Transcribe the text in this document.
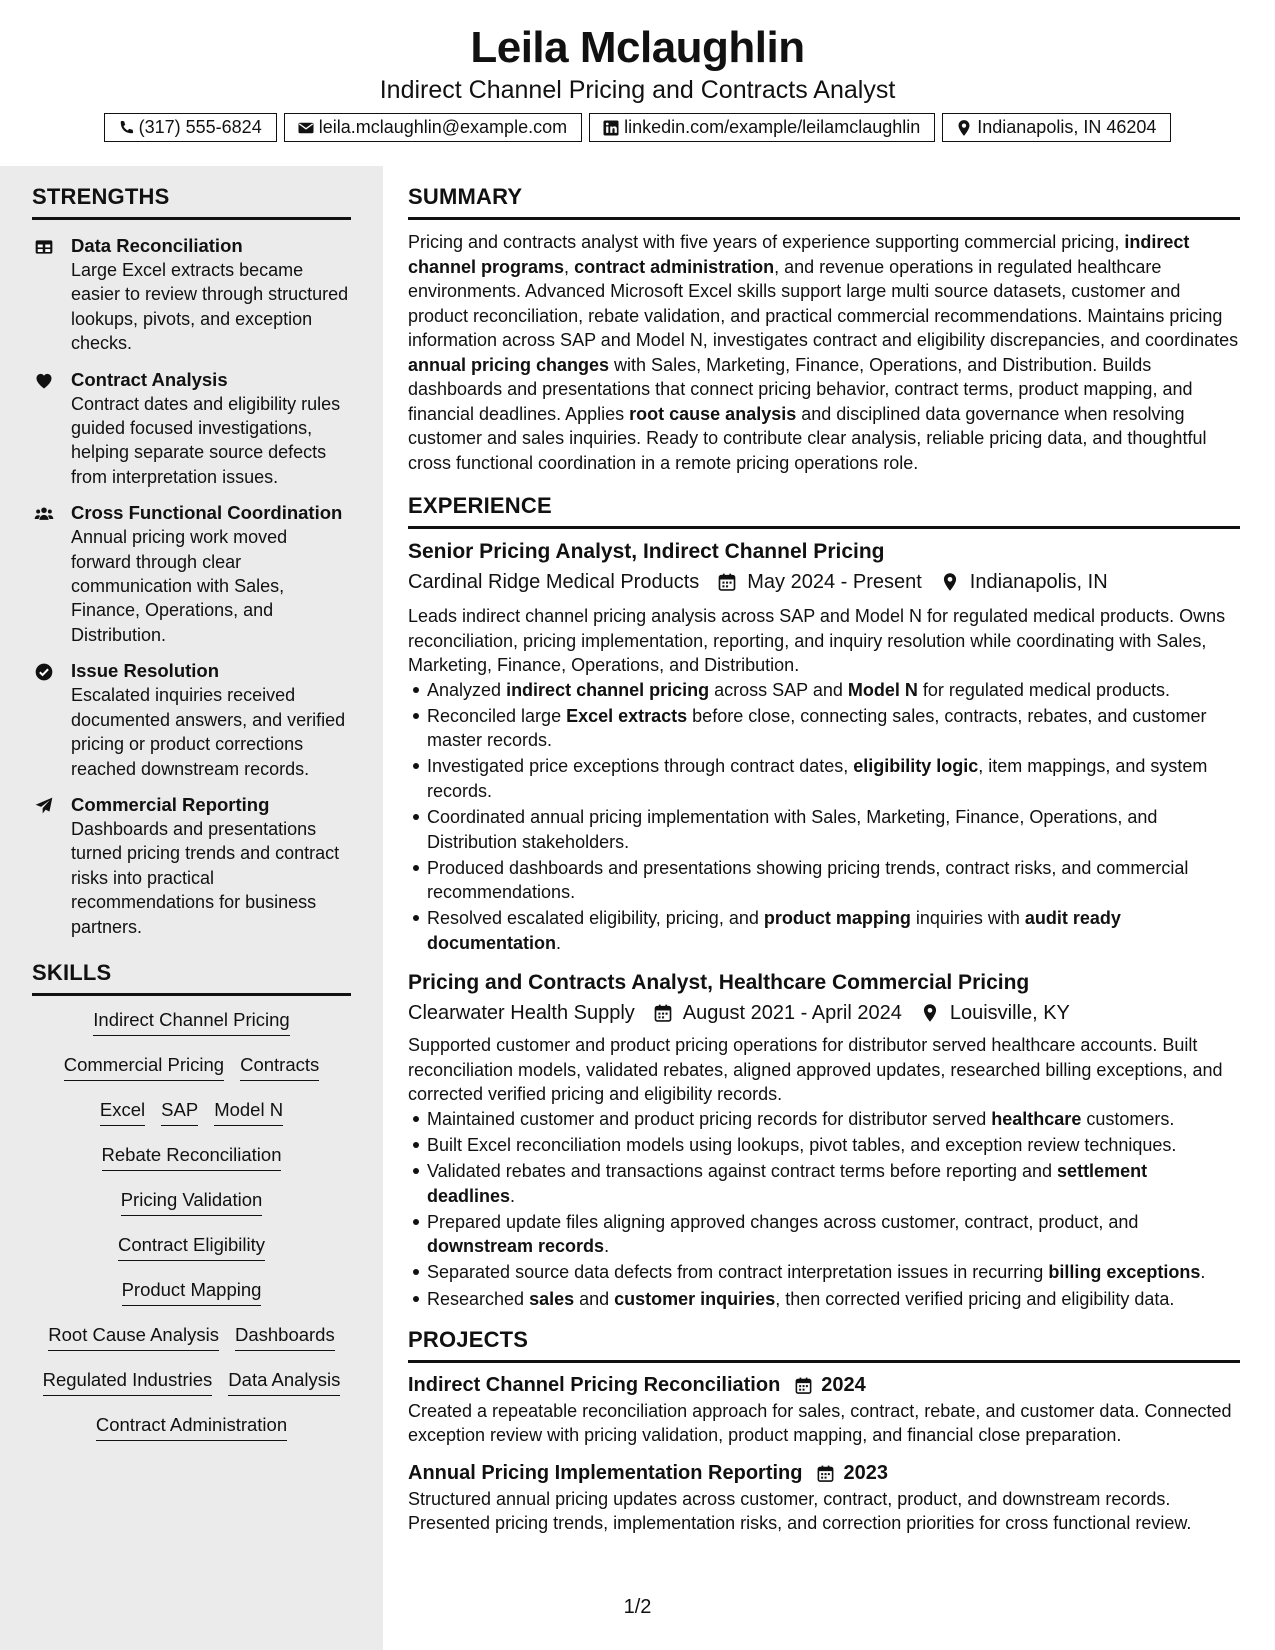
Leila Mclaughlin
Indirect Channel Pricing and Contracts Analyst
(317) 555-6824	leila.mclaughlin@example.com	linkedin.com/example/leilamclaughlin	Indianapolis, IN 46204
STRENGTHS
Data Reconciliation
Large Excel extracts became easier to review through structured lookups, pivots, and exception checks.
Contract Analysis
Contract dates and eligibility rules guided focused investigations, helping separate source defects from interpretation issues.
Cross Functional Coordination
Annual pricing work moved forward through clear communication with Sales, Finance, Operations, and Distribution.
Issue Resolution
Escalated inquiries received documented answers, and verified pricing or product corrections reached downstream records.
Commercial Reporting
Dashboards and presentations turned pricing trends and contract risks into practical recommendations for business partners.
SKILLS
Indirect Channel Pricing
Commercial Pricing Contracts
Excel SAP Model N
Rebate Reconciliation
Pricing Validation
Contract Eligibility
Product Mapping
Root Cause Analysis Dashboards
Regulated Industries Data Analysis
Contract Administration
SUMMARY

Pricing and contracts analyst with five years of experience supporting commercial pricing, indirect channel programs, contract administration, and revenue operations in regulated healthcare environments. Advanced Microsoft Excel skills support large multi source datasets, customer and product reconciliation, rebate validation, and practical commercial recommendations. Maintains pricing information across SAP and Model N, investigates contract and eligibility discrepancies, and coordinates annual pricing changes with Sales, Marketing, Finance, Operations, and Distribution. Builds dashboards and presentations that connect pricing behavior, contract terms, product mapping, and financial deadlines. Applies root cause analysis and disciplined data governance when resolving customer and sales inquiries. Ready to contribute clear analysis, reliable pricing data, and thoughtful cross functional coordination in a remote pricing operations role.

EXPERIENCE
Senior Pricing Analyst, Indirect Channel Pricing
Cardinal Ridge Medical Products May 2024 - Present Indianapolis, IN

Leads indirect channel pricing analysis across SAP and Model N for regulated medical products. Owns reconciliation, pricing implementation, reporting, and inquiry resolution while coordinating with Sales, Marketing, Finance, Operations, and Distribution.

Analyzed indirect channel pricing across SAP and Model N for regulated medical products.
Reconciled large Excel extracts before close, connecting sales, contracts, rebates, and customer master records.
Investigated price exceptions through contract dates, eligibility logic, item mappings, and system records.
Coordinated annual pricing implementation with Sales, Marketing, Finance, Operations, and Distribution stakeholders.
Produced dashboards and presentations showing pricing trends, contract risks, and commercial recommendations.
Resolved escalated eligibility, pricing, and product mapping inquiries with audit ready documentation.
Pricing and Contracts Analyst, Healthcare Commercial Pricing
Clearwater Health Supply August 2021 - April 2024 Louisville, KY

Supported customer and product pricing operations for distributor served healthcare accounts. Built reconciliation models, validated rebates, aligned approved updates, researched billing exceptions, and corrected verified pricing and eligibility records.

Maintained customer and product pricing records for distributor served healthcare customers.
Built Excel reconciliation models using lookups, pivot tables, and exception review techniques.
Validated rebates and transactions against contract terms before reporting and settlement deadlines.
Prepared update files aligning approved changes across customer, contract, product, and downstream records.
Separated source data defects from contract interpretation issues in recurring billing exceptions.
Researched sales and customer inquiries, then corrected verified pricing and eligibility data.
PROJECTS
Indirect Channel Pricing Reconciliation 2024

Created a repeatable reconciliation approach for sales, contract, rebate, and customer data. Connected exception review with pricing validation, product mapping, and financial close preparation.

Annual Pricing Implementation Reporting 2023

Structured annual pricing updates across customer, contract, product, and downstream records. Presented pricing trends, implementation risks, and correction priorities for cross functional review.

1/2
